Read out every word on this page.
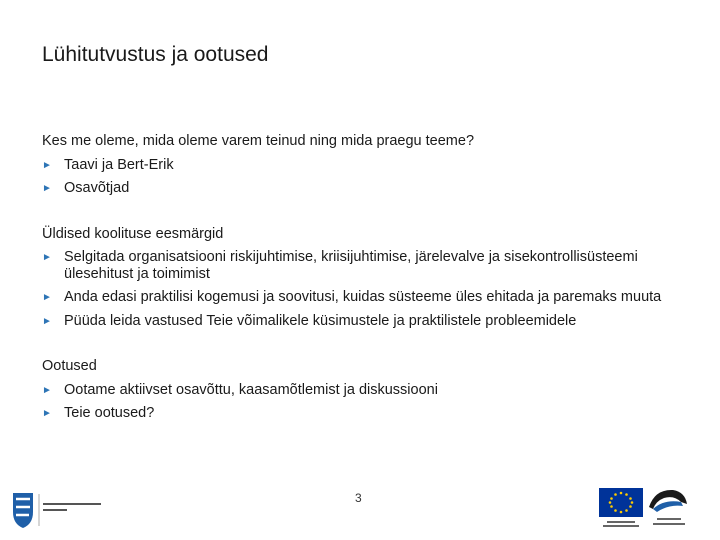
Lühitutvustus ja ootused
Kes me oleme, mida oleme varem teinud ning mida praegu teeme?
► Taavi ja Bert-Erik
► Osavõtjad
Üldised koolituse eesmärgid
► Selgitada organisatsiooni riskijuhtimise, kriisijuhtimise, järelevalve ja sisekontrollisüsteemi ülesehitust ja toimimist
► Anda edasi praktilisi kogemusi ja soovitusi, kuidas süsteeme üles ehitada ja paremaks muuta
► Püüda leida vastused Teie võimalikele küsimustele ja praktilistele probleemidele
Ootused
► Ootame aktiivset osavõttu, kaasamõtlemist ja diskussiooni
► Teie ootused?
3
